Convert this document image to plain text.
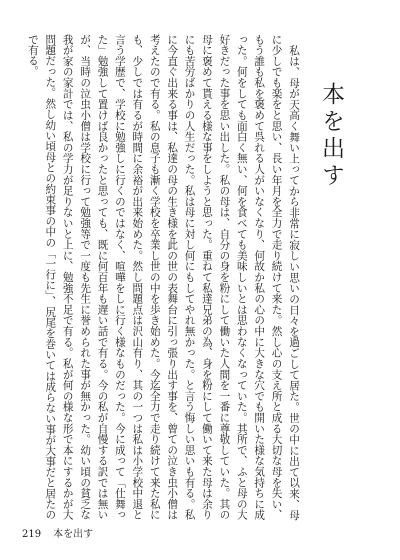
本を出す

私は、母が天高く舞い上ってから非常に寂しい思いの日々を過ごして居た。世の中に出て以来、母に少しでも楽をと思い、長い年月を全力で走り続けて来た。然し心の支え所と成る大切な母を失い、もう誰も私を褒めて呉れる人がいなくなり、何故か私の心の中に大きな穴でも開いた様な気持ちに成った。何をしても面白く無い、何を食べても美味しいとは思わなくなっていた。其所で、ふと母の大好きだった事を思い出した。私の母は、自分の身を粉にして働いた人間を一番に尊敬していた。其の母に褒めて貰える様な事をしようと思った。重ねて私達兄弟の為、身を粉にして働いて来た母は余りにも苦労ばかりの人生だった。私は母に対し何にもしてやれ無かった。と言う悔しい思いも有る。私に今直ぐ出来る事は、私達の母の生き様を此の世の表舞台に引っ張り出す事を、曾ての泣き虫小僧は考えたので有る。私の息子も漸く学校を卒業し世の中を歩き始めた。今迄全力で走り続けて来た私にも、少しでは有るが時間に余裕が出来始めた。然し問題点は沢山有り、其の一つは私は小学校中退と言う学歴で、学校に勉強しに行くのではなく、喧嘩をしに行く様なものだった。今に成って「仕舞った」勉強して置けば良かったと思っても、既に何百年も遅い話で有る。今の私が自慢する訳では無いが、当時の泣虫小僧は学校に行って勉強等で一度も先生に誉められた事が無かった。幼い頃の貧乏な我が家の家計では、私の学力が足りないと上に、勉強不足で有る。私が何の様な形で本にするかが大問題だった。然し幼い頃母との約束事の中の「一行に」、尻尾を巻いては成らない事が大事だと居たので有る。

219 本を出す
